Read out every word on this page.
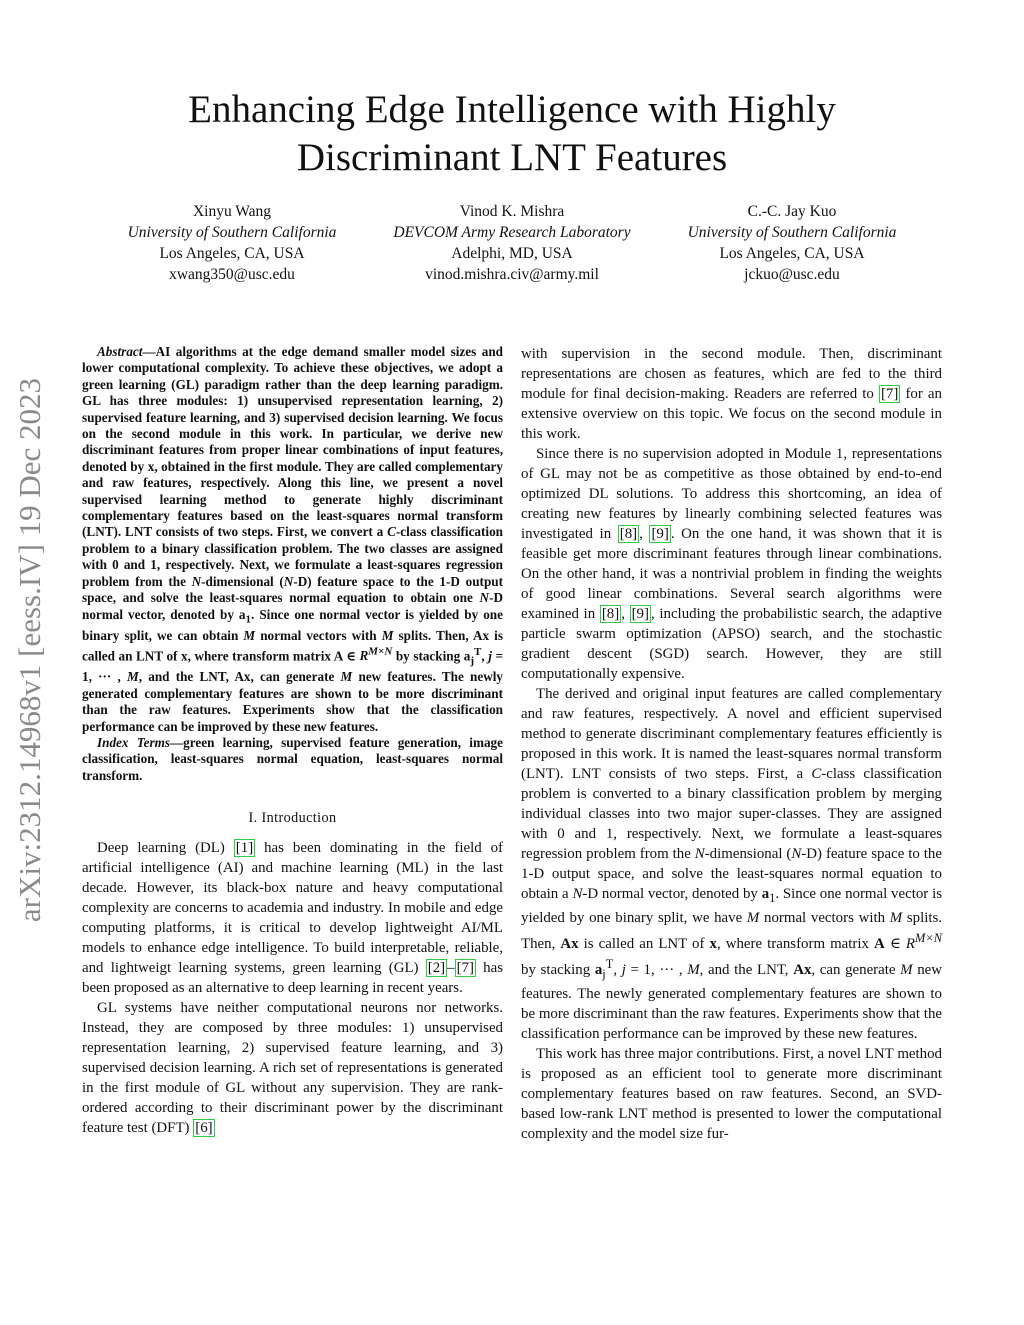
Enhancing Edge Intelligence with Highly Discriminant LNT Features
Xinyu Wang
University of Southern California
Los Angeles, CA, USA
xwang350@usc.edu
Vinod K. Mishra
DEVCOM Army Research Laboratory
Adelphi, MD, USA
vinod.mishra.civ@army.mil
C.-C. Jay Kuo
University of Southern California
Los Angeles, CA, USA
jckuo@usc.edu
arXiv:2312.14968v1 [eess.IV] 19 Dec 2023

Abstract—AI algorithms at the edge demand smaller model sizes and lower computational complexity. To achieve these objectives, we adopt a green learning (GL) paradigm rather than the deep learning paradigm. GL has three modules: 1) unsupervised representation learning, 2) supervised feature learning, and 3) supervised decision learning. We focus on the second module in this work. In particular, we derive new discriminant features from proper linear combinations of input features, denoted by x, obtained in the first module. They are called complementary and raw features, respectively. Along this line, we present a novel supervised learning method to generate highly discriminant complementary features based on the least-squares normal transform (LNT). LNT consists of two steps. First, we convert a C-class classification problem to a binary classification problem. The two classes are assigned with 0 and 1, respectively. Next, we formulate a least-squares regression problem from the N-dimensional (N-D) feature space to the 1-D output space, and solve the least-squares normal equation to obtain one N-D normal vector, denoted by $a_1$. Since one normal vector is yielded by one binary split, we can obtain M normal vectors with M splits. Then, Ax is called an LNT of x, where transform matrix A ∈ $R^{M\times N}$ by stacking $a_j^T$, j = 1, ··· , M, and the LNT, Ax, can generate M new features. The newly generated complementary features are shown to be more discriminant than the raw features. Experiments show that the classification performance can be improved by these new features.

Index Terms—green learning, supervised feature generation, image classification, least-squares normal equation, least-squares normal transform.

I. Introduction

Deep learning (DL) [1] has been dominating in the field of artificial intelligence (AI) and machine learning (ML) in the last decade. However, its black-box nature and heavy computational complexity are concerns to academia and industry. In mobile and edge computing platforms, it is critical to develop lightweight AI/ML models to enhance edge intelligence. To build interpretable, reliable, and lightweigt learning systems, green learning (GL) [2] – [7] has been proposed as an alternative to deep learning in recent years.

GL systems have neither computational neurons nor networks. Instead, they are composed by three modules: 1) unsupervised representation learning, 2) supervised feature learning, and 3) supervised decision learning. A rich set of representations is generated in the first module of GL without any supervision. They are rank-ordered according to their discriminant power by the discriminant feature test (DFT) [6]

with supervision in the second module. Then, discriminant representations are chosen as features, which are fed to the third module for final decision-making. Readers are referred to [7] for an extensive overview on this topic. We focus on the second module in this work.

Since there is no supervision adopted in Module 1, representations of GL may not be as competitive as those obtained by end-to-end optimized DL solutions. To address this shortcoming, an idea of creating new features by linearly combining selected features was investigated in [8] , [9] . On the one hand, it was shown that it is feasible get more discriminant features through linear combinations. On the other hand, it was a nontrivial problem in finding the weights of good linear combinations. Several search algorithms were examined in [8] , [9] , including the probabilistic search, the adaptive particle swarm optimization (APSO) search, and the stochastic gradient descent (SGD) search. However, they are still computationally expensive.

The derived and original input features are called complementary and raw features, respectively. A novel and efficient supervised method to generate discriminant complementary features efficiently is proposed in this work. It is named the least-squares normal transform (LNT). LNT consists of two steps. First, a C-class classification problem is converted to a binary classification problem by merging individual classes into two major super-classes. They are assigned with 0 and 1, respectively. Next, we formulate a least-squares regression problem from the N-dimensional (N-D) feature space to the 1-D output space, and solve the least-squares normal equation to obtain a N-D normal vector, denoted by $a_1$. Since one normal vector is yielded by one binary split, we have M normal vectors with M splits. Then, Ax is called an LNT of x, where transform matrix A ∈ $R^{M\times N}$ by stacking $a_j^T$, j = 1, ··· , M, and the LNT, Ax, can generate M new features. The newly generated complementary features are shown to be more discriminant than the raw features. Experiments show that the classification performance can be improved by these new features.

This work has three major contributions. First, a novel LNT method is proposed as an efficient tool to generate more discriminant complementary features based on raw features. Second, an SVD-based low-rank LNT method is presented to lower the computational complexity and the model size fur-
